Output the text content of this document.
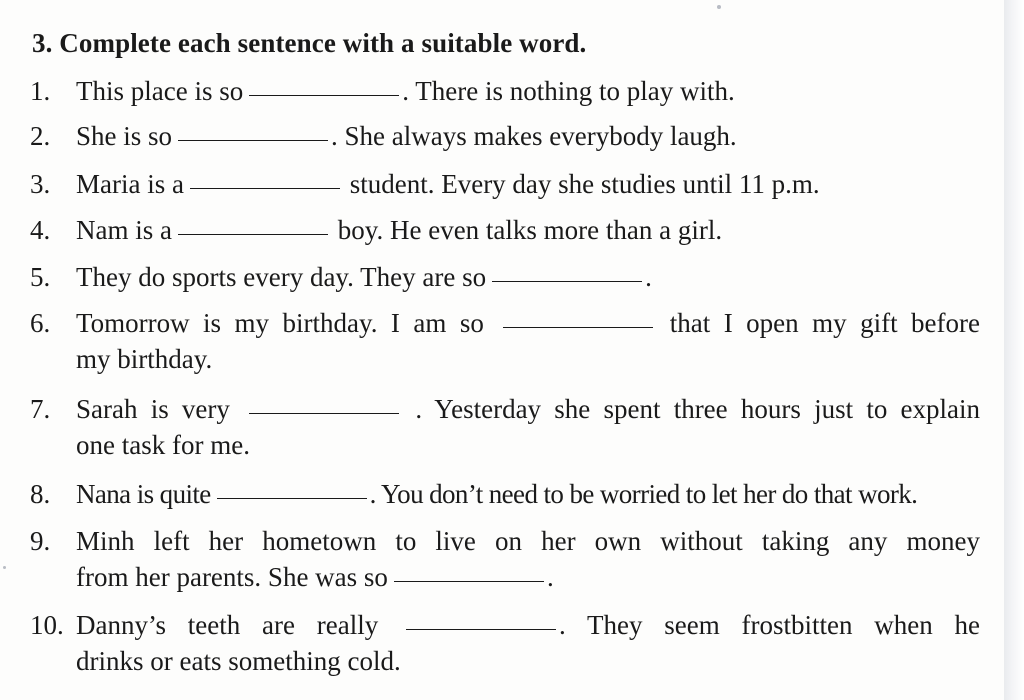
3. Complete each sentence with a suitable word.
1. This place is so	. There is nothing to play with.
2. She is so	. She always makes everybody laugh.
3. Maria is a	student. Every day she studies until 11 p.m.
4. Nam is a	boy. He even talks more than a girl.
5. They do sports every day. They are so	.
6. Tomorrow is my birthday. I am so	that I open my gift before
my birthday.
7. Sarah is very	. Yesterday she spent three hours just to explain
one task for me.
8. Nana is quite	. You don’t need to be worried to let her do that work.
9. Minh left her hometown to live on her own without taking any money
from her parents. She was so	.
10. Danny’s teeth are really	. They seem frostbitten when he
drinks or eats something cold.
